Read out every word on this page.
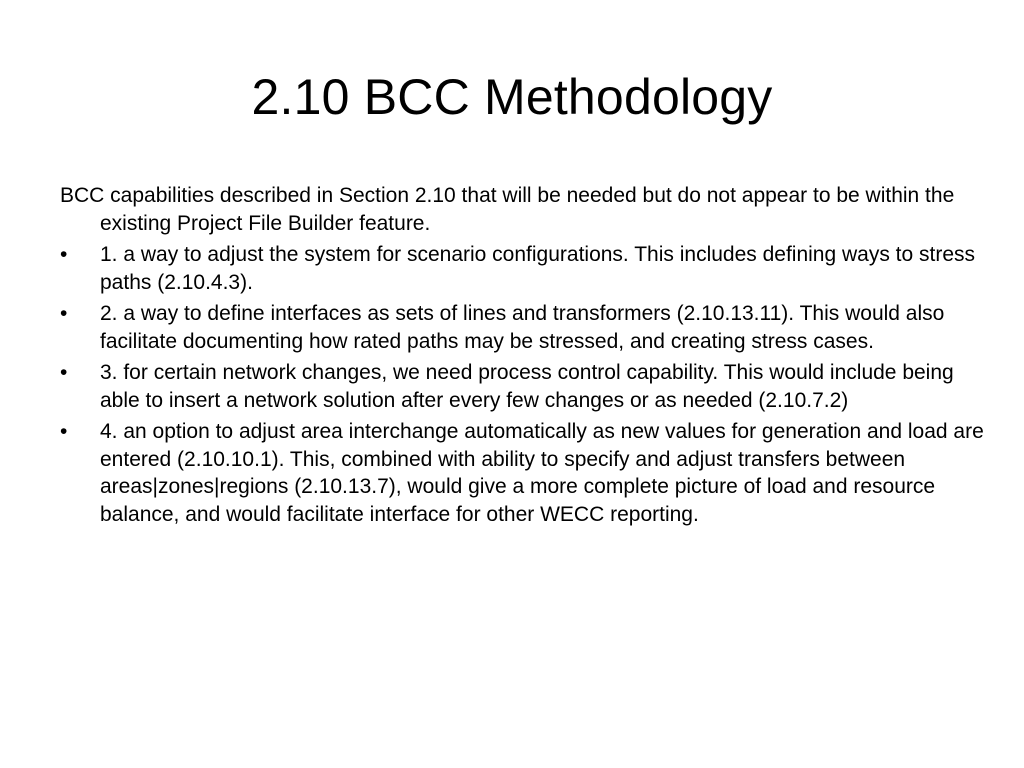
2.10 BCC Methodology

BCC capabilities described in Section 2.10 that will be needed but do not appear to be within the existing Project File Builder feature.

•	1. a way to adjust the system for scenario configurations. This includes defining ways to stress paths (2.10.4.3).
•	2. a way to define interfaces as sets of lines and transformers (2.10.13.11). This would also facilitate documenting how rated paths may be stressed, and creating stress cases.
•	3. for certain network changes, we need process control capability. This would include being able to insert a network solution after every few changes or as needed (2.10.7.2)
•	4. an option to adjust area interchange automatically as new values for generation and load are entered (2.10.10.1). This, combined with ability to specify and adjust transfers between areas|zones|regions (2.10.13.7), would give a more complete picture of load and resource balance, and would facilitate interface for other WECC reporting.
